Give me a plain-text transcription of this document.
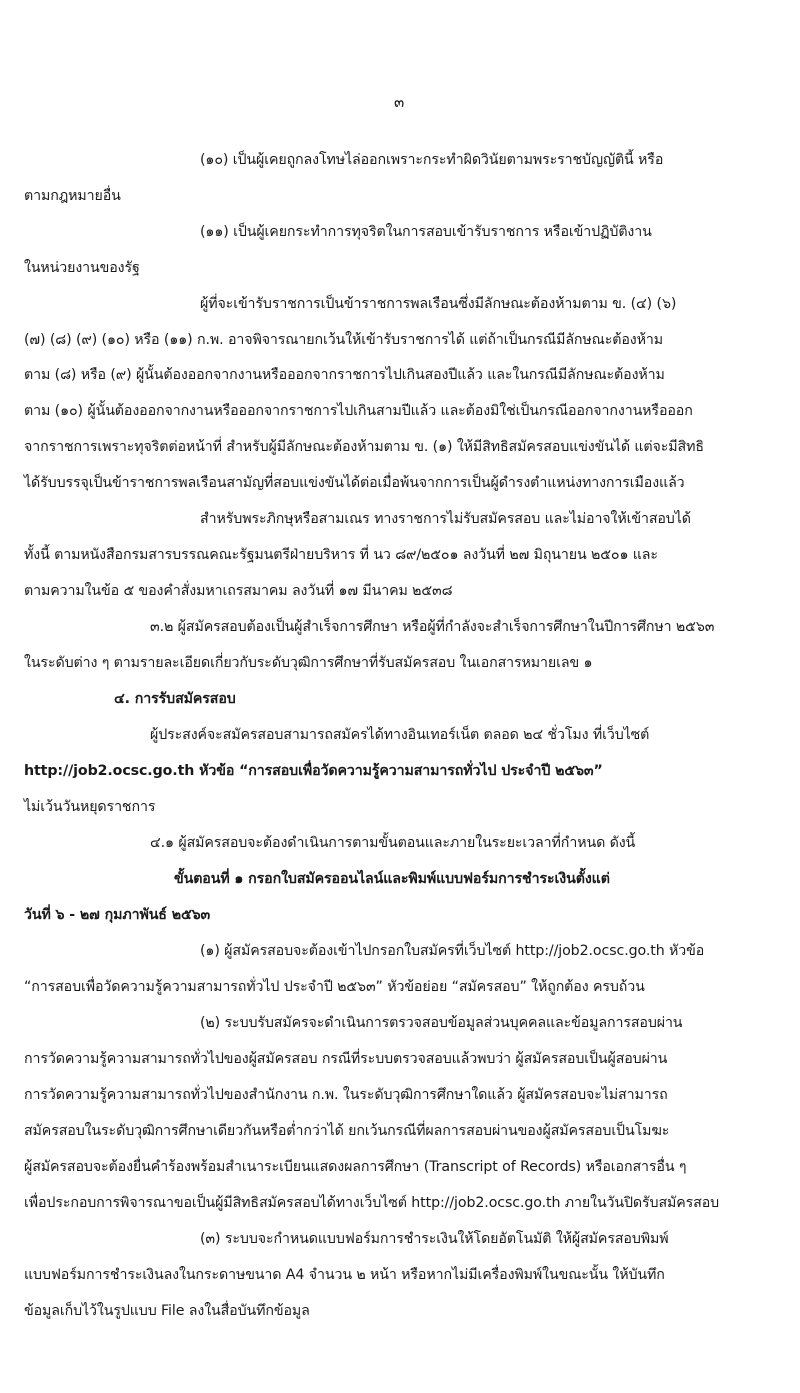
๓
(๑๐) เป็นผู้เคยถูกลงโทษไล่ออกเพราะกระทำผิดวินัยตามพระราชบัญญัตินี้ หรือ
ตามกฎหมายอื่น
(๑๑) เป็นผู้เคยกระทำการทุจริตในการสอบเข้ารับราชการ หรือเข้าปฏิบัติงาน
ในหน่วยงานของรัฐ
ผู้ที่จะเข้ารับราชการเป็นข้าราชการพลเรือนซึ่งมีลักษณะต้องห้ามตาม ข. (๔) (๖)
(๗) (๘) (๙) (๑๐) หรือ (๑๑) ก.พ. อาจพิจารณายกเว้นให้เข้ารับราชการได้ แต่ถ้าเป็นกรณีมีลักษณะต้องห้าม
ตาม (๘) หรือ (๙) ผู้นั้นต้องออกจากงานหรือออกจากราชการไปเกินสองปีแล้ว และในกรณีมีลักษณะต้องห้าม
ตาม (๑๐) ผู้นั้นต้องออกจากงานหรือออกจากราชการไปเกินสามปีแล้ว และต้องมิใช่เป็นกรณีออกจากงานหรือออก
จากราชการเพราะทุจริตต่อหน้าที่ สำหรับผู้มีลักษณะต้องห้ามตาม ข. (๑) ให้มีสิทธิสมัครสอบแข่งขันได้ แต่จะมีสิทธิ
ได้รับบรรจุเป็นข้าราชการพลเรือนสามัญที่สอบแข่งขันได้ต่อเมื่อพ้นจากการเป็นผู้ดำรงตำแหน่งทางการเมืองแล้ว
สำหรับพระภิกษุหรือสามเณร ทางราชการไม่รับสมัครสอบ และไม่อาจให้เข้าสอบได้
ทั้งนี้ ตามหนังสือกรมสารบรรณคณะรัฐมนตรีฝ่ายบริหาร ที่ นว ๘๙/๒๕๐๑ ลงวันที่ ๒๗ มิถุนายน ๒๕๐๑ และ
ตามความในข้อ ๕ ของคำสั่งมหาเถรสมาคม ลงวันที่ ๑๗ มีนาคม ๒๕๓๘
๓.๒ ผู้สมัครสอบต้องเป็นผู้สำเร็จการศึกษา หรือผู้ที่กำลังจะสำเร็จการศึกษาในปีการศึกษา ๒๕๖๓
ในระดับต่าง ๆ ตามรายละเอียดเกี่ยวกับระดับวุฒิการศึกษาที่รับสมัครสอบ ในเอกสารหมายเลข ๑
๔. การรับสมัครสอบ
ผู้ประสงค์จะสมัครสอบสามารถสมัครได้ทางอินเทอร์เน็ต ตลอด ๒๔ ชั่วโมง ที่เว็บไซต์
http://job2.ocsc.go.th หัวข้อ “การสอบเพื่อวัดความรู้ความสามารถทั่วไป ประจำปี ๒๕๖๓”
ไม่เว้นวันหยุดราชการ
๔.๑ ผู้สมัครสอบจะต้องดำเนินการตามขั้นตอนและภายในระยะเวลาที่กำหนด ดังนี้
ขั้นตอนที่ ๑ กรอกใบสมัครออนไลน์และพิมพ์แบบฟอร์มการชำระเงินตั้งแต่
วันที่ ๖ - ๒๗ กุมภาพันธ์ ๒๕๖๓
(๑) ผู้สมัครสอบจะต้องเข้าไปกรอกใบสมัครที่เว็บไซต์ http://job2.ocsc.go.th หัวข้อ
“การสอบเพื่อวัดความรู้ความสามารถทั่วไป ประจำปี ๒๕๖๓” หัวข้อย่อย “สมัครสอบ” ให้ถูกต้อง ครบถ้วน
(๒) ระบบรับสมัครจะดำเนินการตรวจสอบข้อมูลส่วนบุคคลและข้อมูลการสอบผ่าน
การวัดความรู้ความสามารถทั่วไปของผู้สมัครสอบ กรณีที่ระบบตรวจสอบแล้วพบว่า ผู้สมัครสอบเป็นผู้สอบผ่าน
การวัดความรู้ความสามารถทั่วไปของสำนักงาน ก.พ. ในระดับวุฒิการศึกษาใดแล้ว ผู้สมัครสอบจะไม่สามารถ
สมัครสอบในระดับวุฒิการศึกษาเดียวกันหรือต่ำกว่าได้ ยกเว้นกรณีที่ผลการสอบผ่านของผู้สมัครสอบเป็นโมฆะ
ผู้สมัครสอบจะต้องยื่นคำร้องพร้อมสำเนาระเบียนแสดงผลการศึกษา (Transcript of Records) หรือเอกสารอื่น ๆ
เพื่อประกอบการพิจารณาขอเป็นผู้มีสิทธิสมัครสอบได้ทางเว็บไซต์ http://job2.ocsc.go.th ภายในวันปิดรับสมัครสอบ
(๓) ระบบจะกำหนดแบบฟอร์มการชำระเงินให้โดยอัตโนมัติ ให้ผู้สมัครสอบพิมพ์
แบบฟอร์มการชำระเงินลงในกระดาษขนาด A4 จำนวน ๒ หน้า หรือหากไม่มีเครื่องพิมพ์ในขณะนั้น ให้บันทึก
ข้อมูลเก็บไว้ในรูปแบบ File ลงในสื่อบันทึกข้อมูล
